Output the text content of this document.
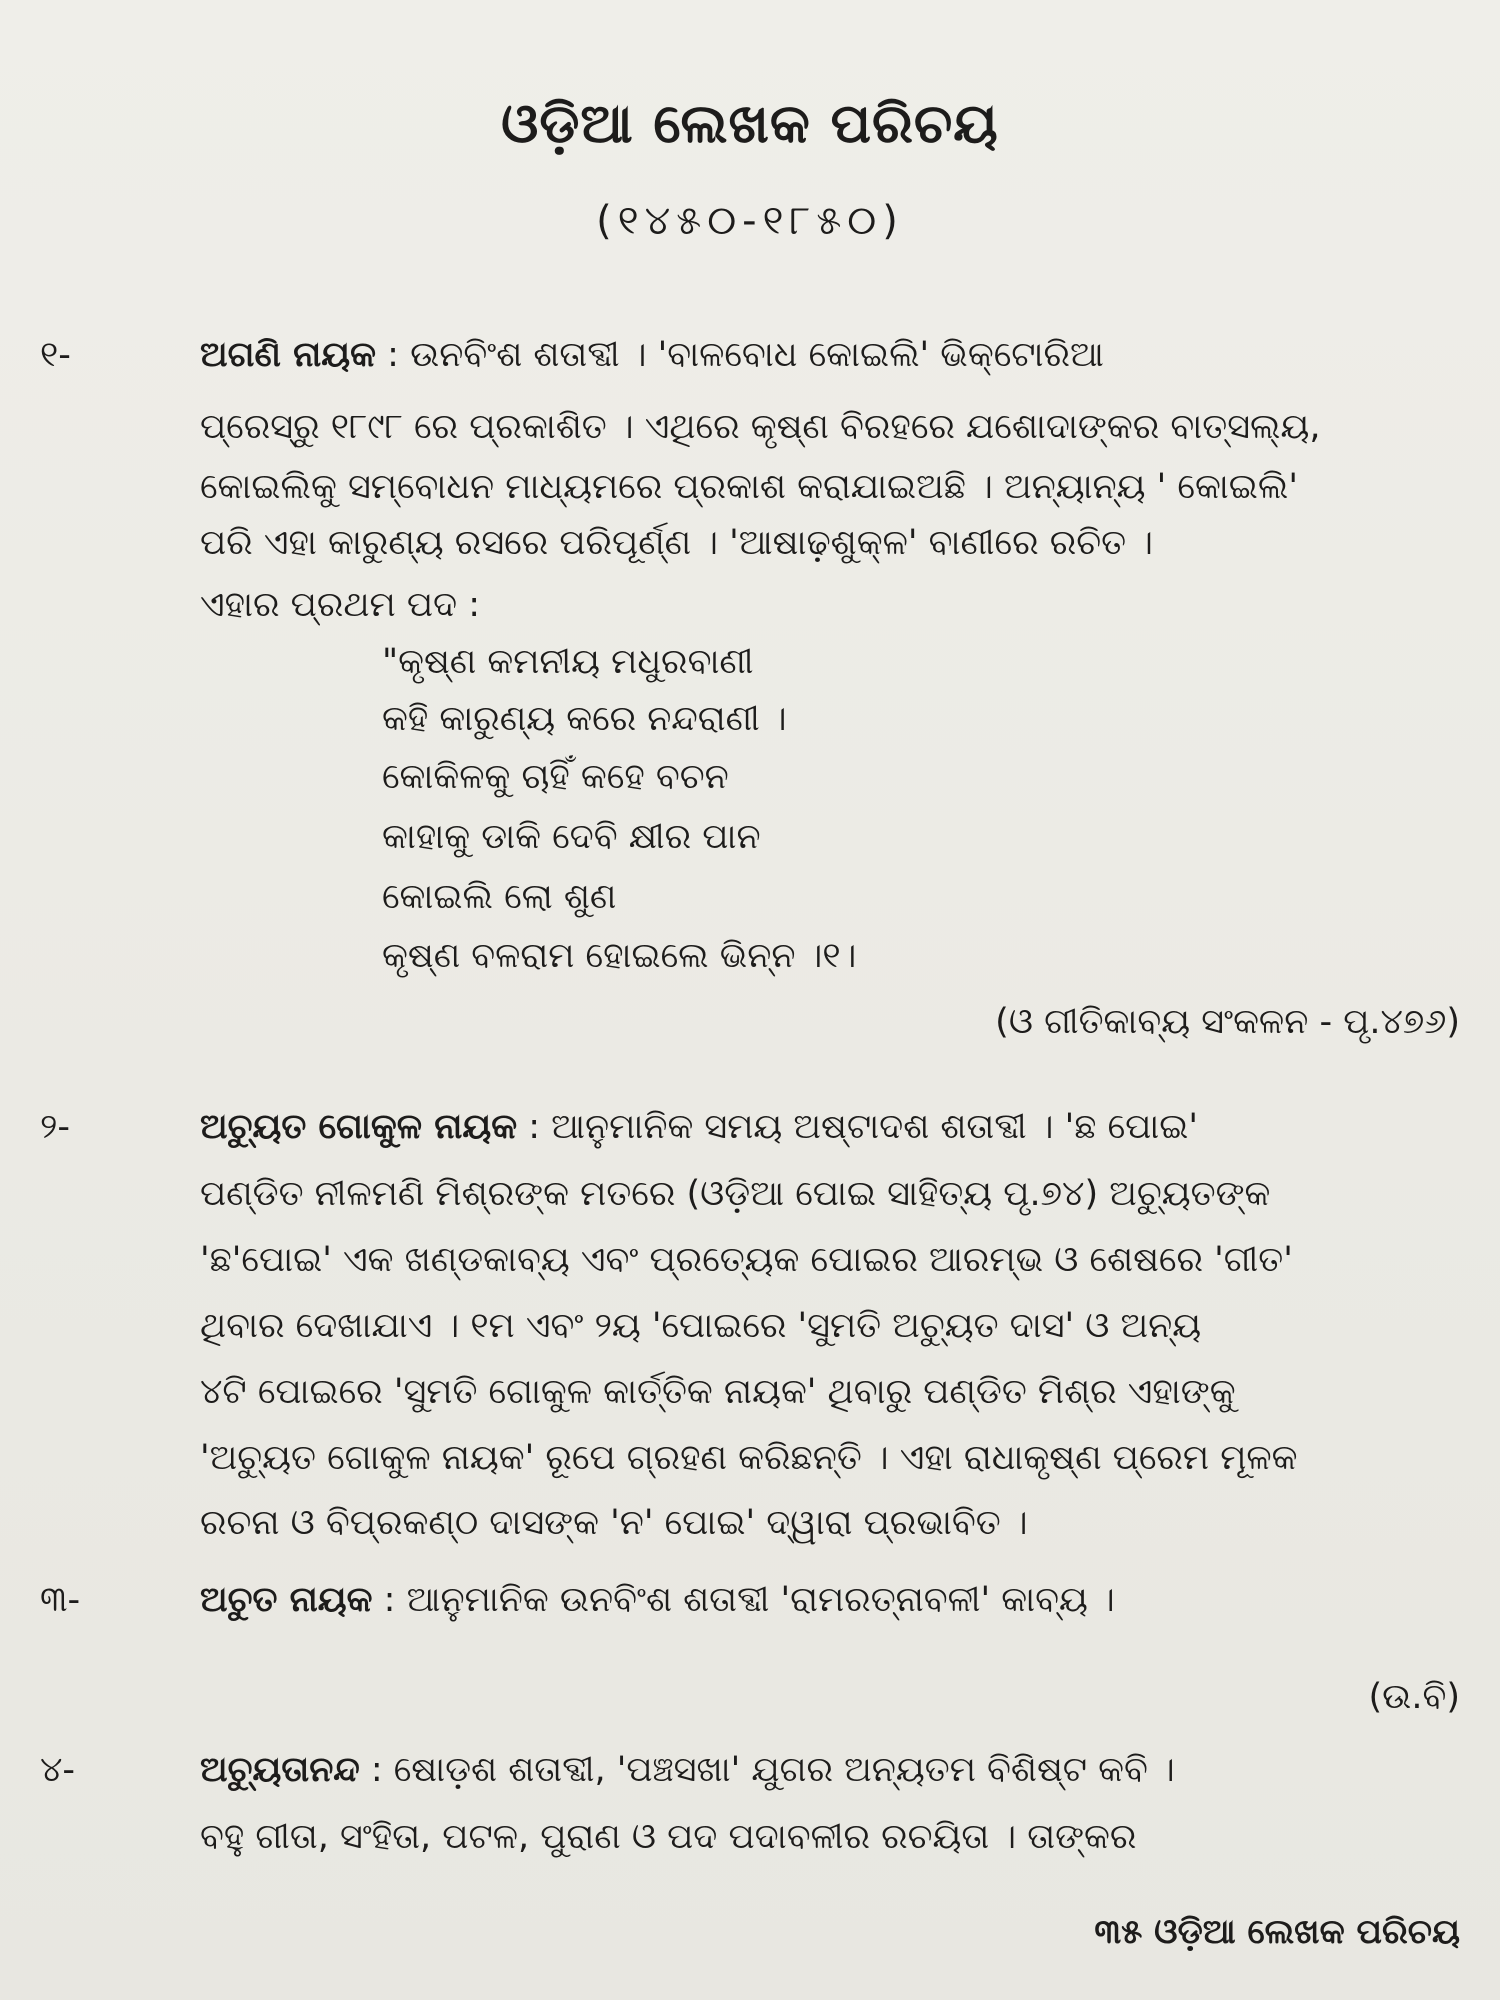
ଓଡ଼ିଆ ଲେଖକ ପରିଚୟ
(୧୪୫୦-୧୮୫୦)
୧-	ଅଗଣି ନାୟକ : ଉନବିଂଶ ଶତାବ୍ଦୀ । 'ବାଳବୋଧ କୋଇଲି' ଭିକ୍ଟୋରିଆ
ପ୍ରେସ୍‌ରୁ ୧୮୯୮ ରେ ପ୍ରକାଶିତ । ଏଥିରେ କୃଷ୍ଣ ବିରହରେ ଯଶୋଦାଙ୍କର ବାତ୍ସଲ୍ୟ,
କୋଇଲିକୁ ସମ୍ବୋଧନ ମାଧ୍ୟମରେ ପ୍ରକାଶ କରାଯାଇଅଛି । ଅନ୍ୟାନ୍ୟ ' କୋଇଲି'
ପରି ଏହା କାରୁଣ୍ୟ ରସରେ ପରିପୂର୍ଣ୍ଣ । 'ଆଷାଢ଼ଶୁକ୍ଳ' ବାଣୀରେ ରଚିତ ।
ଏହାର ପ୍ରଥମ ପଦ :
"କୃଷ୍ଣ କମନୀୟ ମଧୁରବାଣୀ
କହି କାରୁଣ୍ୟ କରେ ନନ୍ଦରାଣୀ ।
କୋକିଳକୁ ଚାହିଁ କହେ ବଚନ
କାହାକୁ ଡାକି ଦେବି କ୍ଷୀର ପାନ
କୋଇଲି ଲୋ ଶୁଣ
କୃଷ୍ଣ ବଳରାମ ହୋଇଲେ ଭିନ୍ନ ।୧।
(ଓ ଗୀତିକାବ୍ୟ ସଂକଳନ - ପୃ.୪୭୬)
୨-	ଅଚ୍ୟୁତ ଗୋକୁଳ ନାୟକ : ଆନୁମାନିକ ସମୟ ଅଷ୍ଟାଦଶ ଶତାବ୍ଦୀ । 'ଛ ପୋଇ'
ପଣ୍ଡିତ ନୀଳମଣି ମିଶ୍ରଙ୍କ ମତରେ (ଓଡ଼ିଆ ପୋଇ ସାହିତ୍ୟ ପୃ.୭୪) ଅଚ୍ୟୁତଙ୍କ
'ଛ'ପୋଇ' ଏକ ଖଣ୍ଡକାବ୍ୟ ଏବଂ ପ୍ରତ୍ୟେକ ପୋଇର ଆରମ୍ଭ ଓ ଶେଷରେ 'ଗୀତ'
ଥିବାର ଦେଖାଯାଏ । ୧ମ ଏବଂ ୨ୟ 'ପୋଇରେ 'ସୁମତି ଅଚ୍ୟୁତ ଦାସ' ଓ ଅନ୍ୟ
୪ଟି ପୋଇରେ 'ସୁମତି ଗୋକୁଳ କାର୍ତ୍ତିକ ନାୟକ' ଥିବାରୁ ପଣ୍ଡିତ ମିଶ୍ର ଏହାଙ୍କୁ
'ଅଚ୍ୟୁତ ଗୋକୁଳ ନାୟକ' ରୂପେ ଗ୍ରହଣ କରିଛନ୍ତି । ଏହା ରାଧାକୃଷ୍ଣ ପ୍ରେମ ମୂଳକ
ରଚନା ଓ ବିପ୍ରକଣ୍ଠ ଦାସଙ୍କ 'ନ' ପୋଇ' ଦ୍ୱାରା ପ୍ରଭାବିତ ।
୩-	ଅଚୁତ ନାୟକ : ଆନୁମାନିକ ଉନବିଂଶ ଶତାବ୍ଦୀ 'ରାମରତ୍ନାବଳୀ' କାବ୍ୟ ।
(ଉ.ବି)
୪-	ଅଚ୍ୟୁତାନନ୍ଦ : ଷୋଡ଼ଶ ଶତାବ୍ଦୀ, 'ପଞ୍ଚସଖା' ଯୁଗର ଅନ୍ୟତମ ବିଶିଷ୍ଟ କବି ।
ବହୁ ଗୀତା, ସଂହିତା, ପଟଳ, ପୁରାଣ ଓ ପଦ ପଦାବଳୀର ରଚୟିତା । ତାଙ୍କର
୩୫ ଓଡ଼ିଆ ଲେଖକ ପରିଚୟ
